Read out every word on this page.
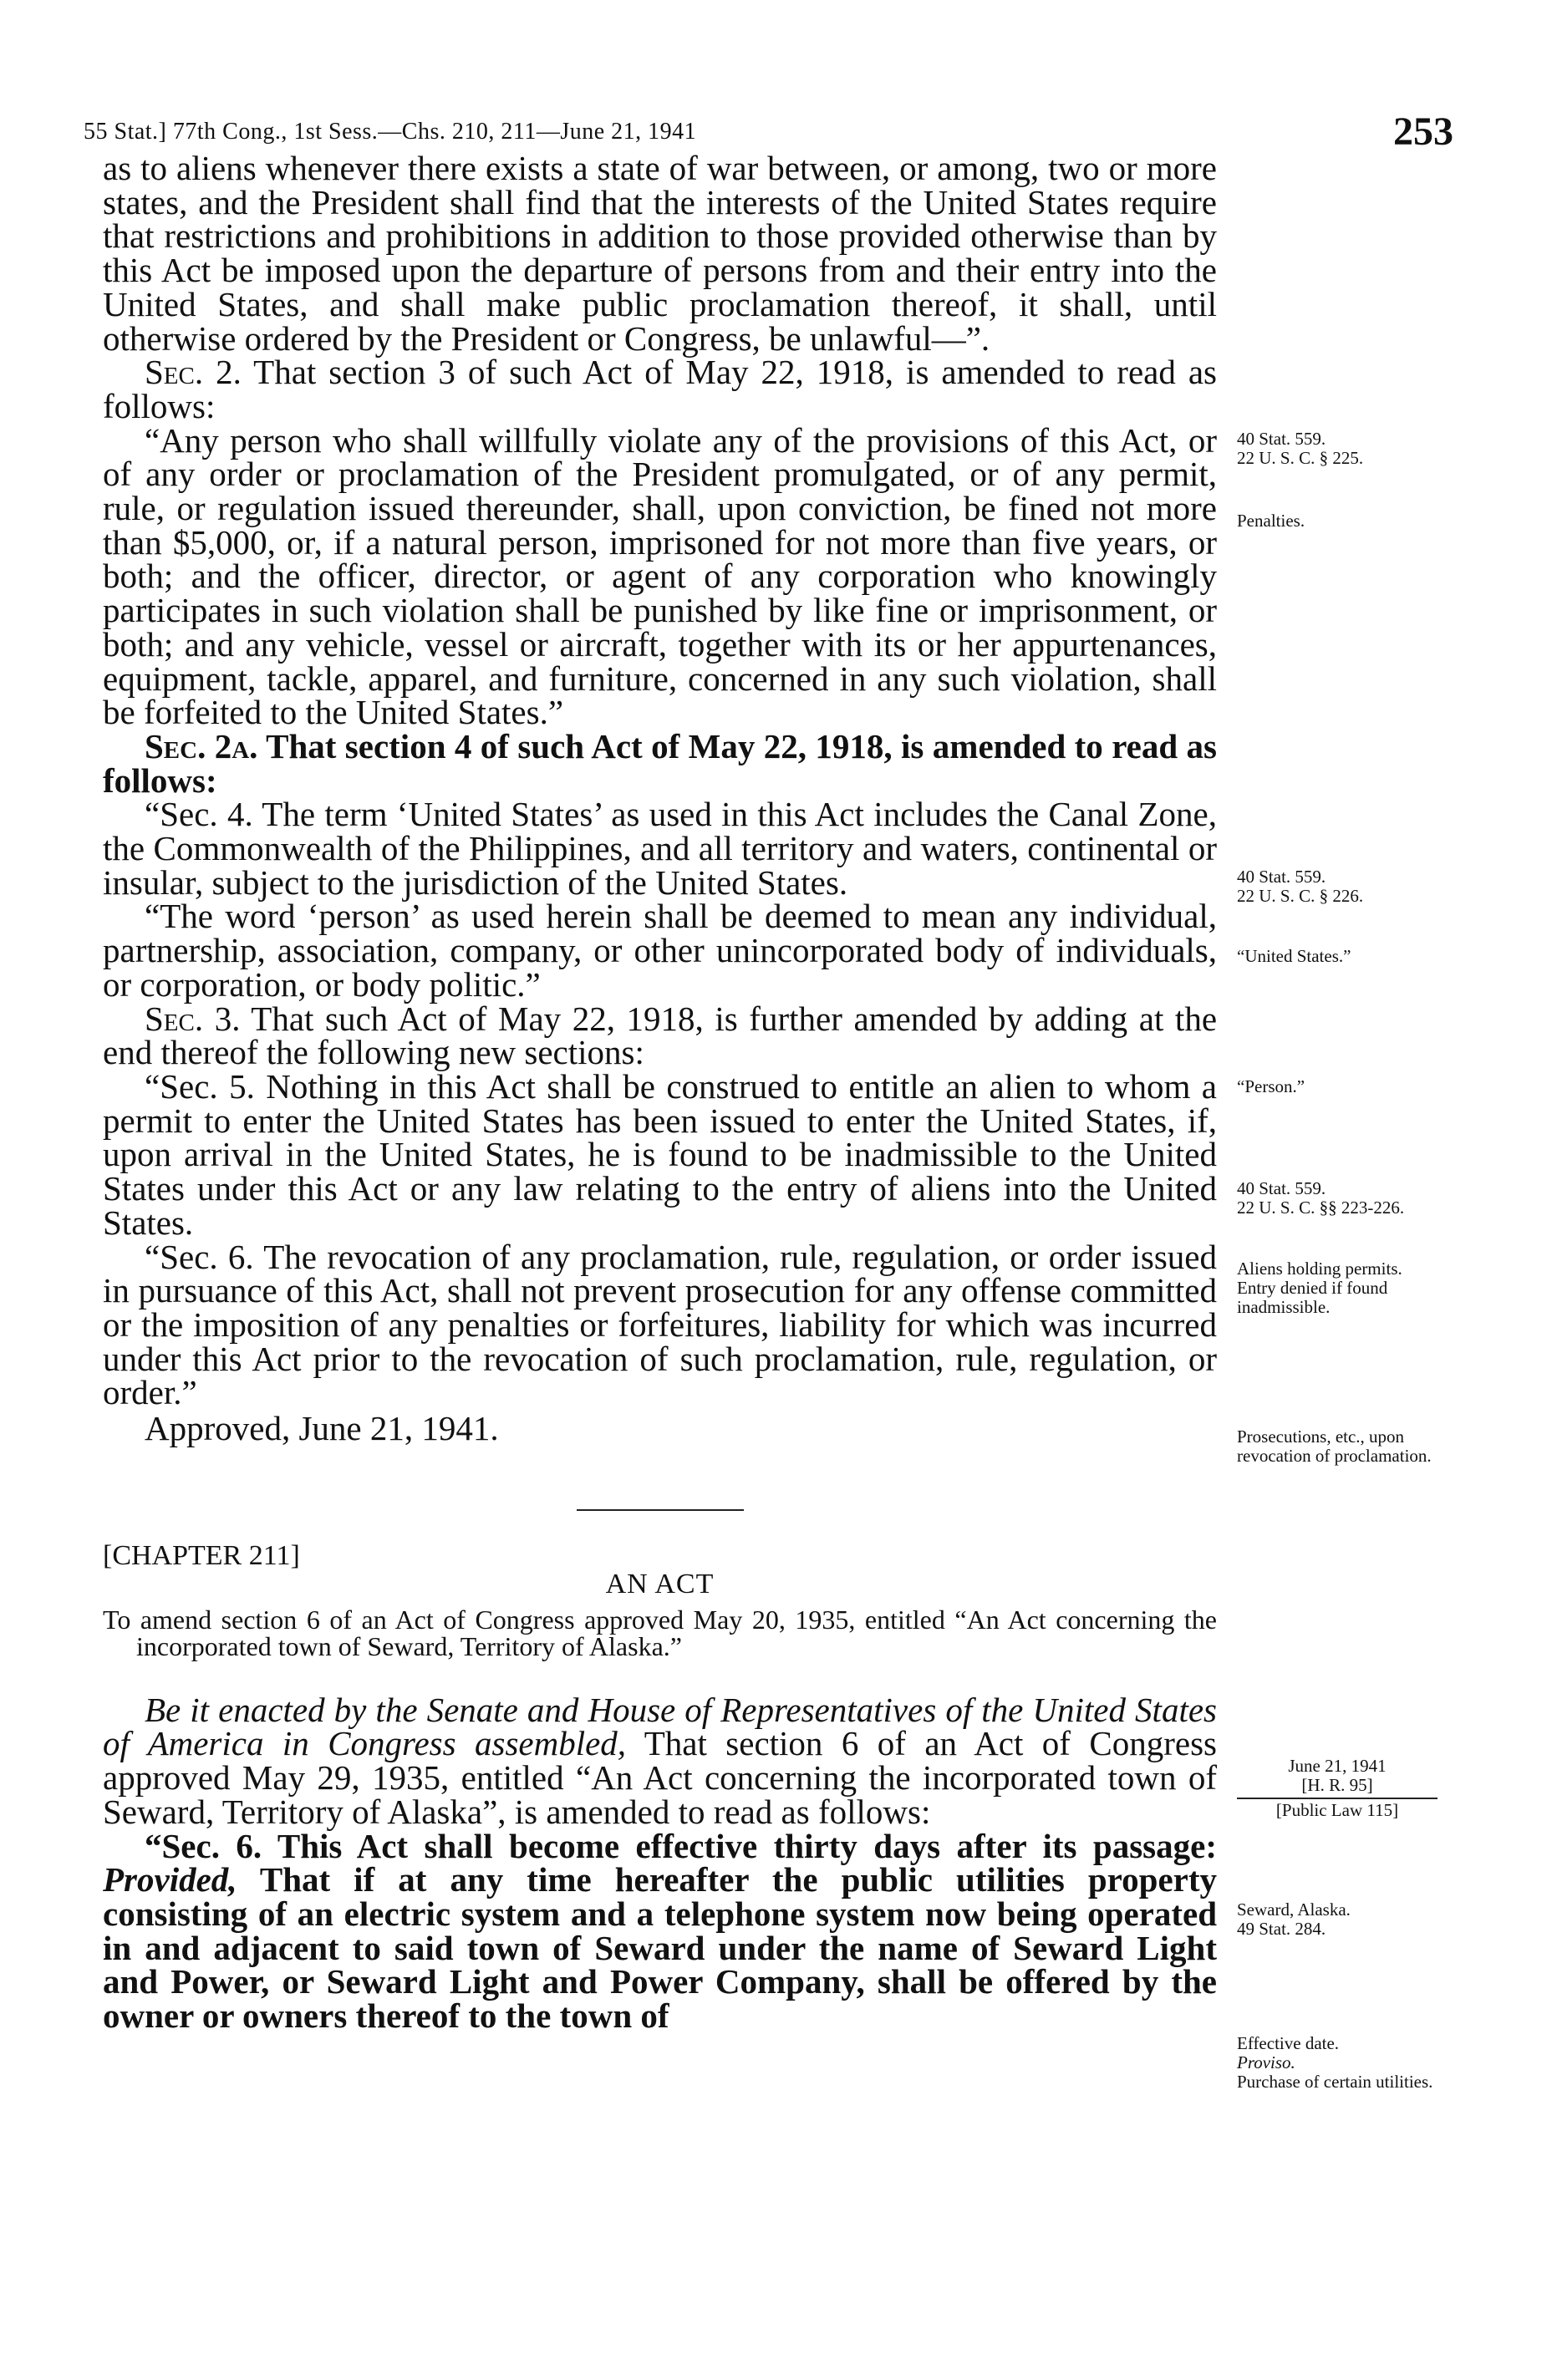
55 Stat.] 77th Cong., 1st Sess.—Chs. 210, 211—June 21, 1941	253

as to aliens whenever there exists a state of war between, or among, two or more states, and the President shall find that the interests of the United States require that restrictions and prohibitions in addition to those provided otherwise than by this Act be imposed upon the departure of persons from and their entry into the United States, and shall make public proclamation thereof, it shall, until otherwise ordered by the President or Congress, be unlawful—”.

Sec. 2. That section 3 of such Act of May 22, 1918, is amended to read as follows:

“Any person who shall willfully violate any of the provisions of this Act, or of any order or proclamation of the President promulgated, or of any permit, rule, or regulation issued thereunder, shall, upon conviction, be fined not more than $5,000, or, if a natural person, imprisoned for not more than five years, or both; and the officer, director, or agent of any corporation who knowingly participates in such violation shall be punished by like fine or imprisonment, or both; and any vehicle, vessel or aircraft, together with its or her appurtenances, equipment, tackle, apparel, and furniture, concerned in any such violation, shall be forfeited to the United States.”

Sec. 2a. That section 4 of such Act of May 22, 1918, is amended to read as follows:

“Sec. 4. The term ‘United States’ as used in this Act includes the Canal Zone, the Commonwealth of the Philippines, and all territory and waters, continental or insular, subject to the jurisdiction of the United States.

“The word ‘person’ as used herein shall be deemed to mean any individual, partnership, association, company, or other unincorporated body of individuals, or corporation, or body politic.”

Sec. 3. That such Act of May 22, 1918, is further amended by adding at the end thereof the following new sections:

“Sec. 5. Nothing in this Act shall be construed to entitle an alien to whom a permit to enter the United States has been issued to enter the United States, if, upon arrival in the United States, he is found to be inadmissible to the United States under this Act or any law relating to the entry of aliens into the United States.

“Sec. 6. The revocation of any proclamation, rule, regulation, or order issued in pursuance of this Act, shall not prevent prosecution for any offense committed or the imposition of any penalties or forfeitures, liability for which was incurred under this Act prior to the revocation of such proclamation, rule, regulation, or order.”

Approved, June 21, 1941.

[CHAPTER 211]
AN ACT

To amend section 6 of an Act of Congress approved May 20, 1935, entitled “An Act concerning the incorporated town of Seward, Territory of Alaska.”

Be it enacted by the Senate and House of Representatives of the United States of America in Congress assembled, That section 6 of an Act of Congress approved May 29, 1935, entitled “An Act concerning the incorporated town of Seward, Territory of Alaska”, is amended to read as follows:

“Sec. 6. This Act shall become effective thirty days after its passage: Provided, That if at any time hereafter the public utilities property consisting of an electric system and a telephone system now being operated in and adjacent to said town of Seward under the name of Seward Light and Power, or Seward Light and Power Company, shall be offered by the owner or owners thereof to the town of

40 Stat. 559.
22 U. S. C. § 225.
Penalties.
40 Stat. 559.
22 U. S. C. § 226.
“United States.”
“Person.”
40 Stat. 559.
22 U. S. C. §§ 223-226.
Aliens holding permits.
Entry denied if found inadmissible.
Prosecutions, etc., upon revocation of proclamation.
June 21, 1941
[H. R. 95]
[Public Law 115]
Seward, Alaska.
49 Stat. 284.
Effective date.
Proviso.
Purchase of certain utilities.
